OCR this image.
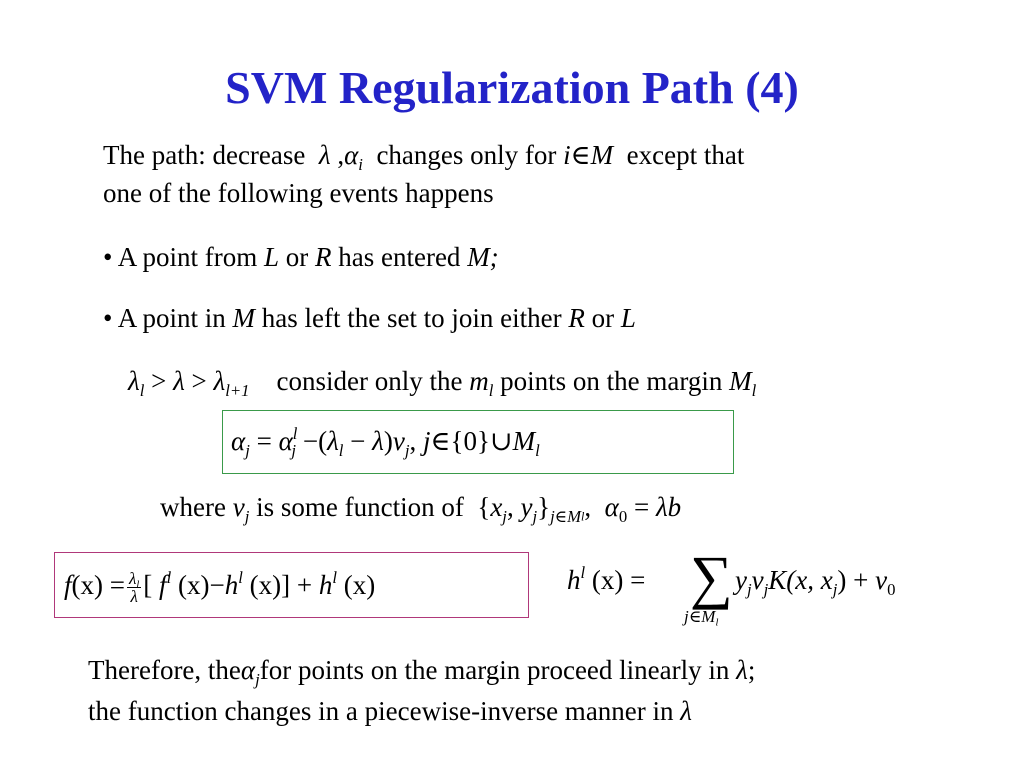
SVM Regularization Path (4)
The path: decrease λ $,\alpha_i$ changes only for i∈M except that
one of the following events happens
• A point from L or R has entered M;
• A point in M has left the set to join either R or L
$\lambda_l > \lambda > \lambda_{l+1}$ consider only the $m_l$ points on the margin $M_l$
$\alpha_j = \alpha^l_j -(\lambda_l - \lambda)\nu_j$, $j\in\{0\}\cup M_l$
where $\nu_j$ is some function of {$x_j$, $y_j\}_{j\in Ml}$, $\alpha_0 = \lambda b$
$f(x) = \frac{\lambda_l}{\lambda}$ [ $f^l$ $(x)-h^l$ $(x)] + h^l$ (x)	$h^l$ (x) = ∑
$j\in M_l$
$y_j\nu_jK(x$, $x_j) + \nu_0$
Therefore, theα$_j$for points on the margin proceed linearly in λ;
the function changes in a piecewise-inverse manner in λ
